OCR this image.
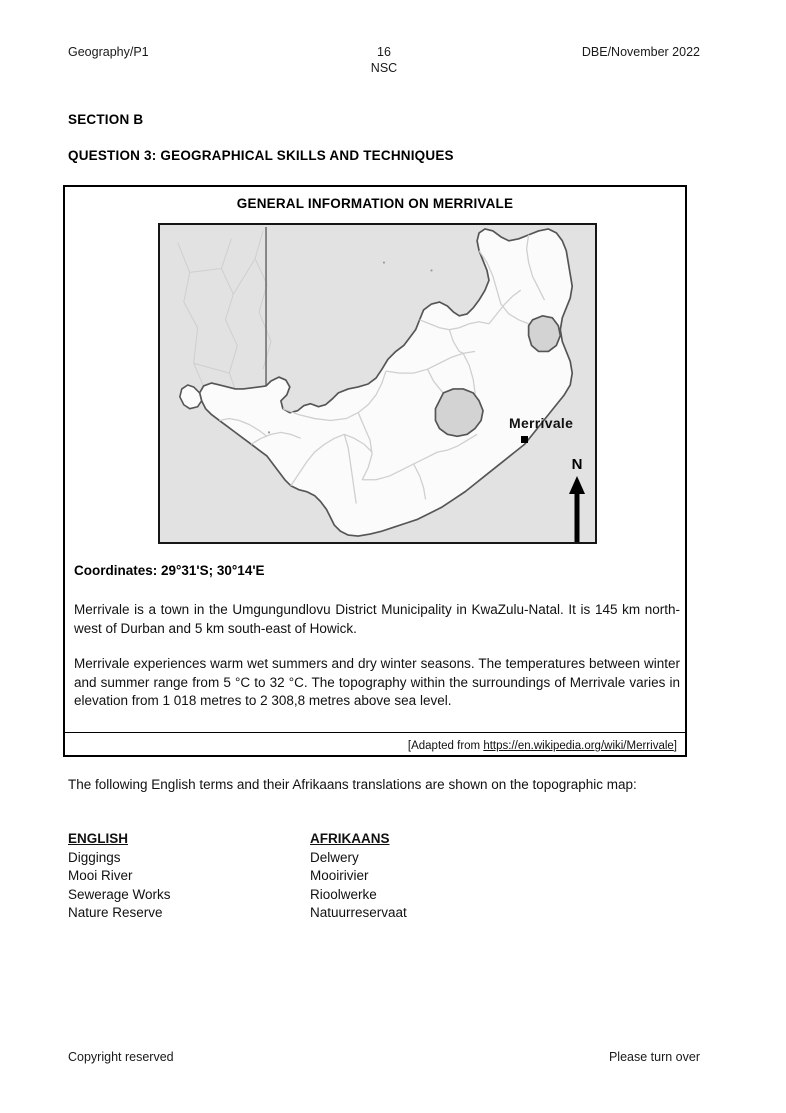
Geography/P1	16
NSC
DBE/November 2022
SECTION B
QUESTION 3: GEOGRAPHICAL SKILLS AND TECHNIQUES
GENERAL INFORMATION ON MERRIVALE
Merrivale
N
Coordinates: 29°31'S; 30°14'E
Merrivale is a town in the Umgungundlovu District Municipality in KwaZulu-Natal. It is 145 km north-west of Durban and 5 km south-east of Howick.
Merrivale experiences warm wet summers and dry winter seasons. The temperatures between winter and summer range from 5 °C to 32 °C. The topography within the surroundings of Merrivale varies in elevation from 1 018 metres to 2 308,8 metres above sea level.
[Adapted from https://en.wikipedia.org/wiki/Merrivale]
The following English terms and their Afrikaans translations are shown on the topographic map:
ENGLISH	AFRIKAANS
Diggings	Delwery
Mooi River	Mooirivier
Sewerage Works	Rioolwerke
Nature Reserve	Natuurreservaat
Copyright reserved	Please turn over
